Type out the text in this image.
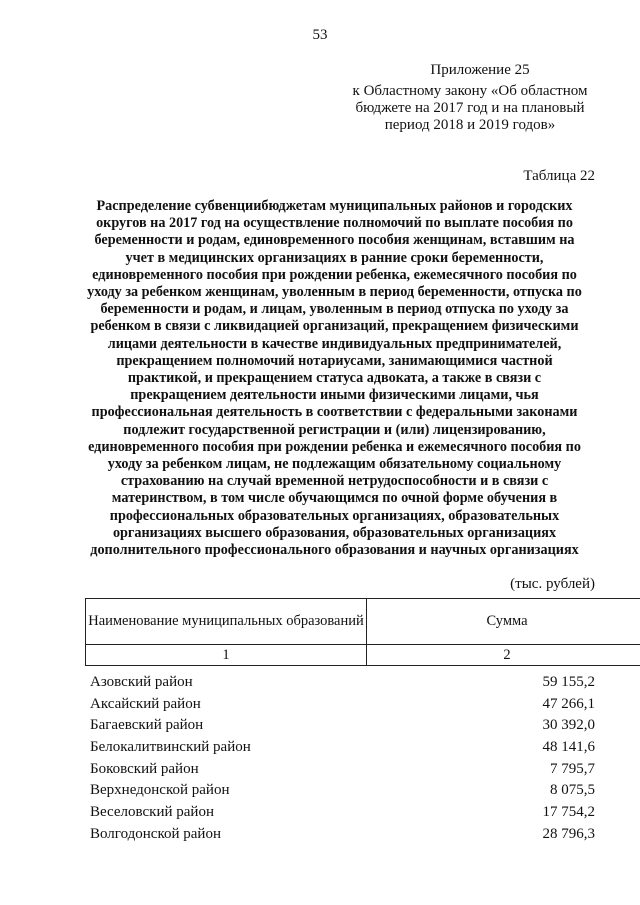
53
Приложение 25
к Областному закону «Об областном
бюджете на 2017 год и на плановый
период 2018 и 2019 годов»
Таблица 22
Распределение субвенциибюджетам муниципальных районов и городских округов на 2017 год на осуществление полномочий по выплате пособия по беременности и родам, единовременного пособия женщинам, вставшим на учет в медицинских организациях в ранние сроки беременности, единовременного пособия при рождении ребенка, ежемесячного пособия по уходу за ребенком женщинам, уволенным в период беременности, отпуска по беременности и родам, и лицам, уволенным в период отпуска по уходу за ребенком в связи с ликвидацией организаций, прекращением физическими лицами деятельности в качестве индивидуальных предпринимателей, прекращением полномочий нотариусами, занимающимися частной практикой, и прекращением статуса адвоката, а также в связи с прекращением деятельности иными физическими лицами, чья профессиональная деятельность в соответствии с федеральными законами подлежит государственной регистрации и (или) лицензированию, единовременного пособия при рождении ребенка и ежемесячного пособия по уходу за ребенком лицам, не подлежащим обязательному социальному страхованию на случай временной нетрудоспособности и в связи с материнством, в том числе обучающимся по очной форме обучения в профессиональных образовательных организациях, образовательных организациях высшего образования, образовательных организациях дополнительного профессионального образования и научных организациях
(тыс. рублей)
Наименование муниципальных образований	Сумма
1	2
Азовский район	59 155,2
Аксайский район	47 266,1
Багаевский район	30 392,0
Белокалитвинский район	48 141,6
Боковский район	7 795,7
Верхнедонской район	8 075,5
Веселовский район	17 754,2
Волгодонской район	28 796,3
